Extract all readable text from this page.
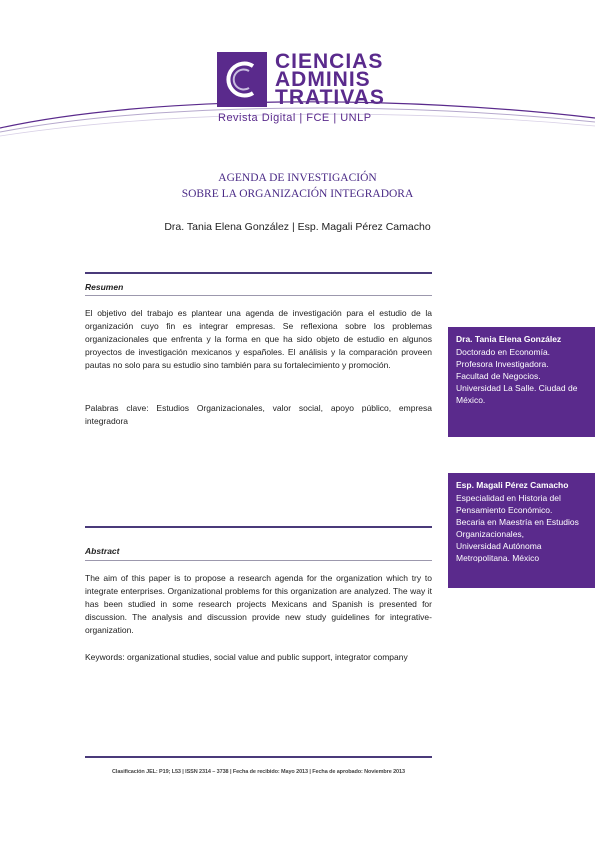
CIENCIAS
ADMINIS
TRATIVAS
Revista Digital | FCE | UNLP
AGENDA DE INVESTIGACIÓN
SOBRE LA ORGANIZACIÓN INTEGRADORA
Dra. Tania Elena González | Esp. Magali Pérez Camacho
Resumen
El objetivo del trabajo es plantear una agenda de investigación para el estudio de la organización cuyo fin es integrar empresas. Se reflexiona sobre los problemas organizacionales que enfrenta y la forma en que ha sido objeto de estudio en algunos proyectos de investigación mexicanos y españoles. El análisis y la comparación proveen pautas no solo para su estudio sino también para su fortalecimiento y promoción.
Palabras clave: Estudios Organizacionales, valor social, apoyo público, empresa integradora
Abstract
The aim of this paper is to propose a research agenda for the organization which try to integrate enterprises. Organizational problems for this organization are analyzed. The way it has been studied in some research projects Mexicans and Spanish is presented for discussion. The analysis and discussion provide new study guidelines for integrative-organization.
Keywords: organizational studies, social value and public support, integrator company
Dra. Tania Elena González
Doctorado en Economía.
Profesora Investigadora.
Facultad de Negocios.
Universidad La Salle. Ciudad de México.
Esp. Magali Pérez Camacho
Especialidad en Historia del Pensamiento Económico.
Becaria en Maestría en Estudios Organizacionales,
Universidad Autónoma Metropolitana. México
Clasificación JEL: P19; L53 | ISSN 2314 – 3738 | Fecha de recibido: Mayo 2013 | Fecha de aprobado: Noviembre 2013
